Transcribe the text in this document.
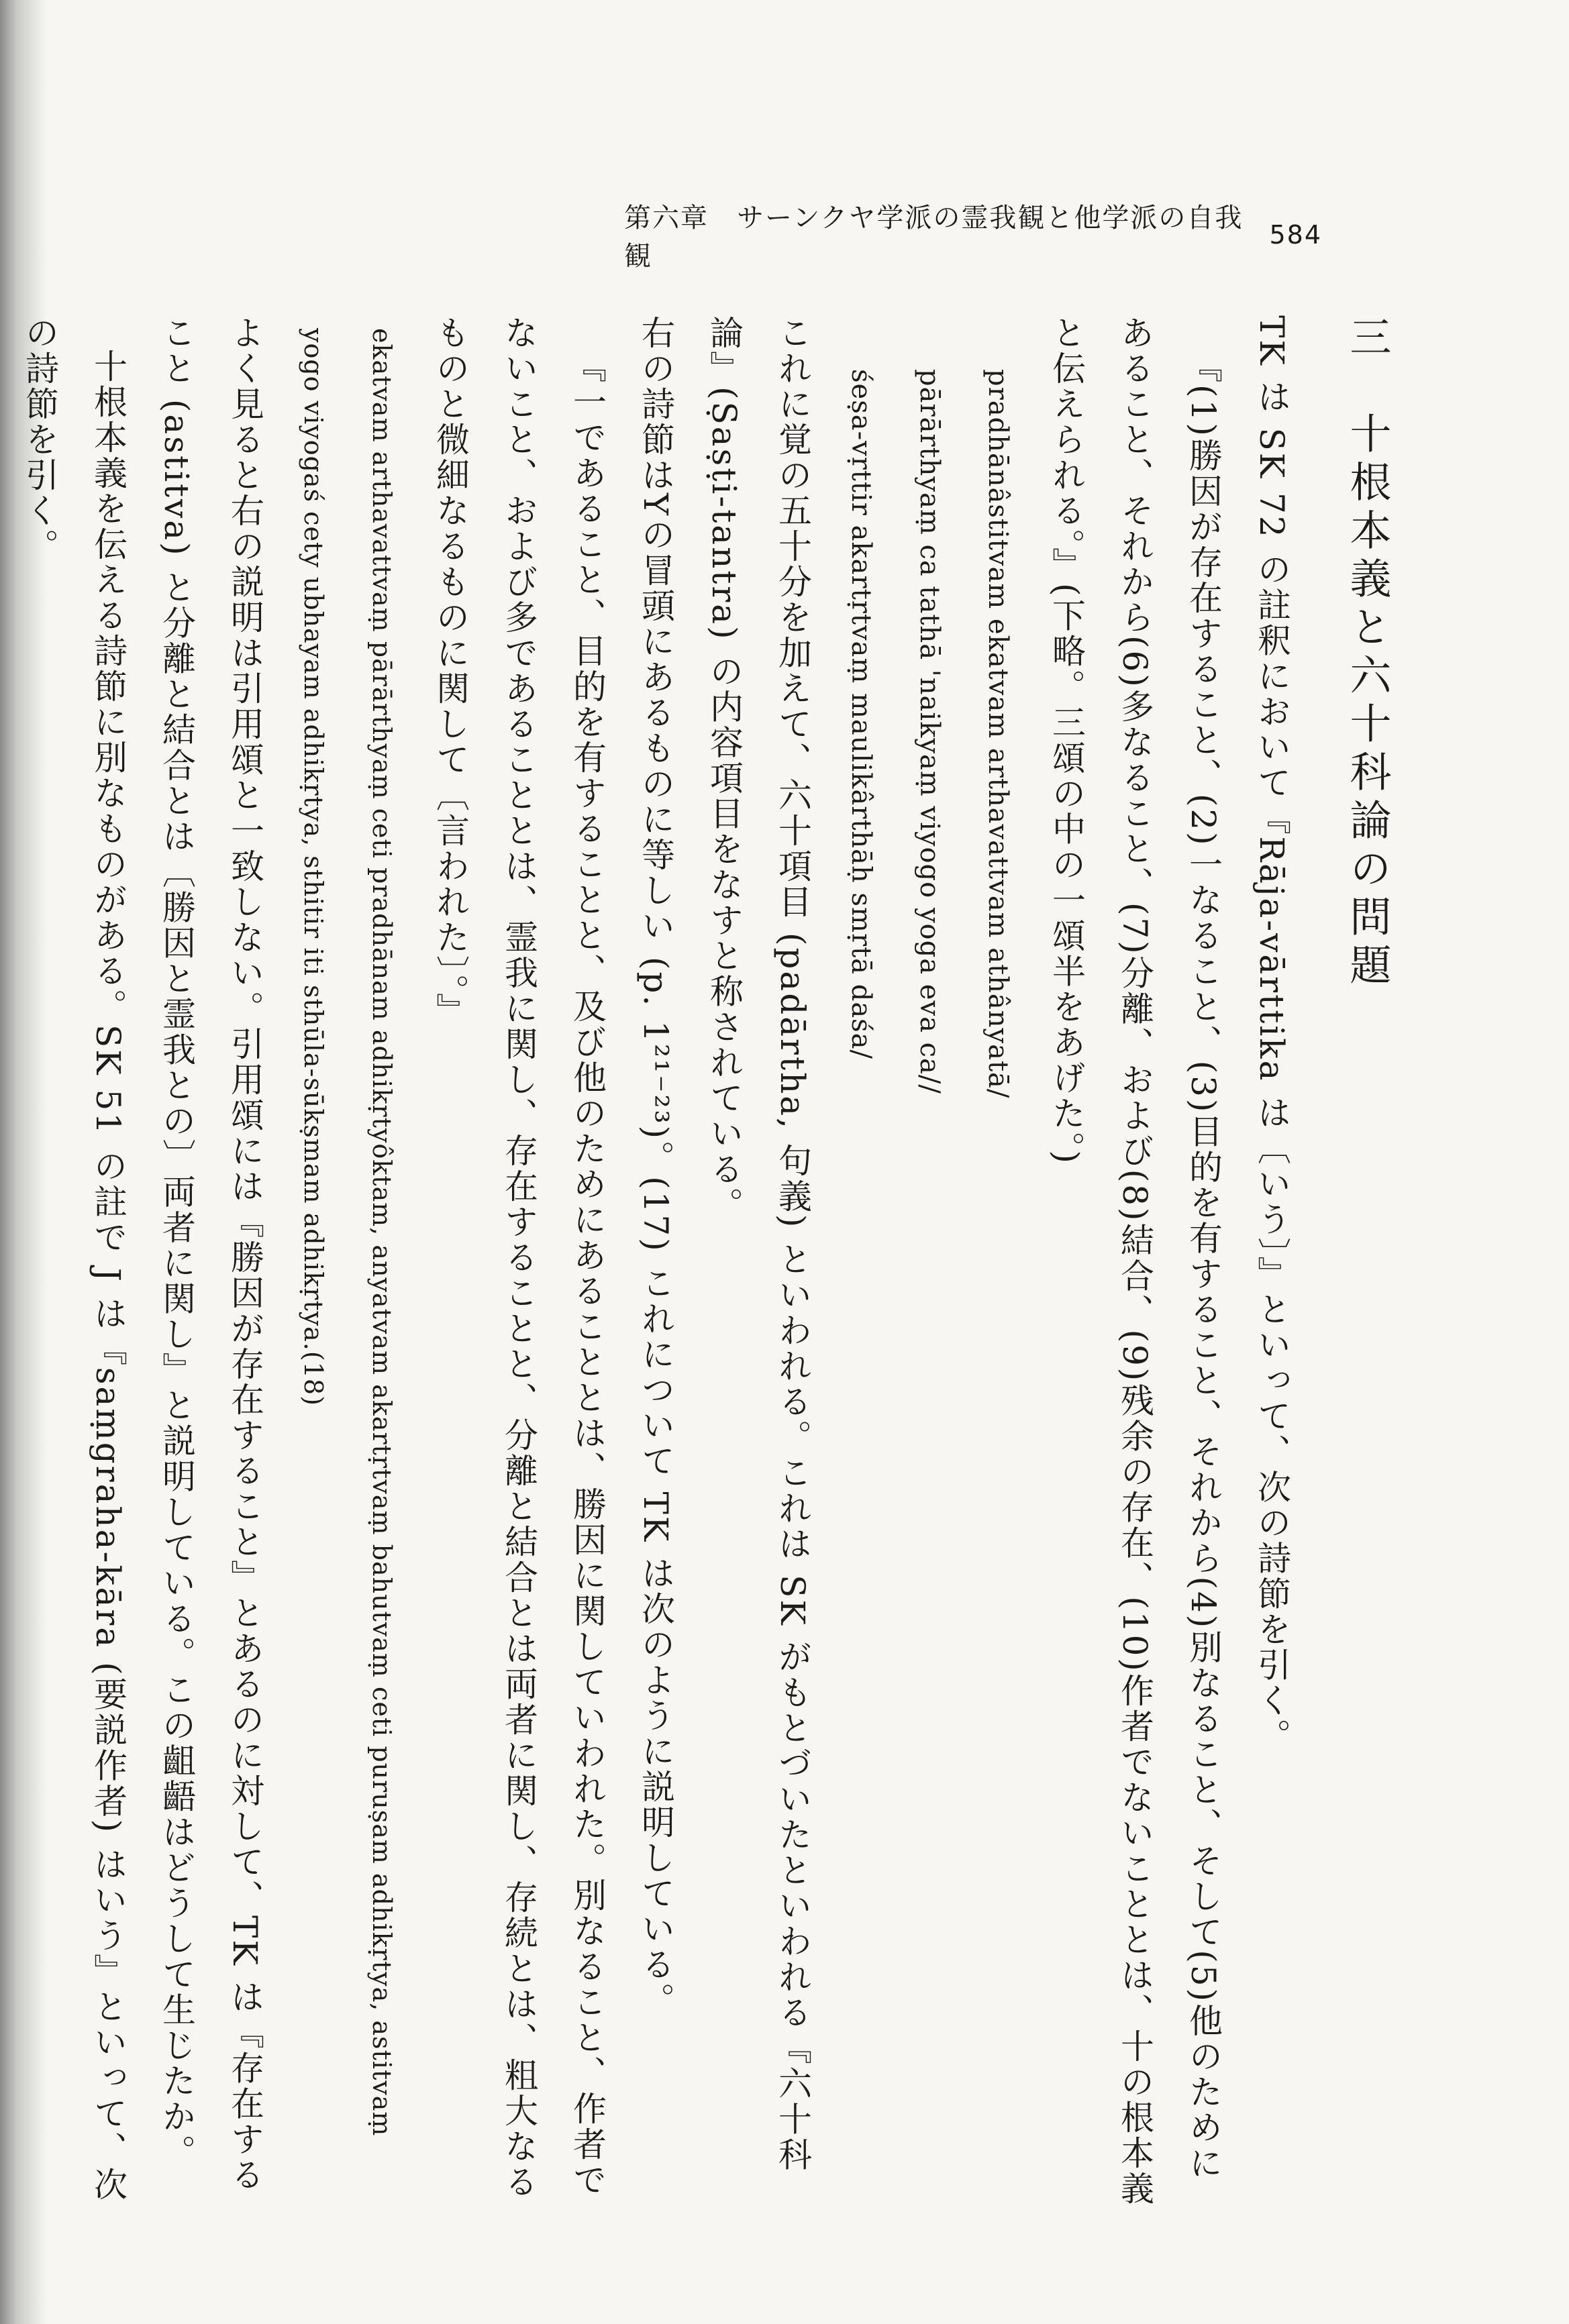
第六章　サーンクヤ学派の霊我観と他学派の自我観
584
三　十根本義と六十科論の問題

TK は SK 72 の註釈において『Rāja-vārttika は〔いう〕』といって、次の詩節を引く。

『(1)勝因が存在すること、(2)一なること、(3)目的を有すること、それから(4)別なること、そして(5)他のためにあること、それから(6)多なること、(7)分離、および(8)結合、(9)残余の存在、(10)作者でないこととは、十の根本義と伝えられる。』(下略。三頌の中の一頌半をあげた。)

pradhānâstitvam ekatvam arthavattvam athânyatā/

pārārthyaṃ ca tathā 'naikyaṃ viyogo yoga eva ca//

śeṣa-vṛttir akartṛtvaṃ maulikârthāḥ smṛtā daśa/

これに覚の五十分を加えて、六十項目 (padārtha, 句義) といわれる。これは SK がもとづいたといわれる『六十科論』(Ṣaṣṭi-tantra) の内容項目をなすと称されている。

右の詩節はYの冒頭にあるものに等しい (p. 1²¹⁻²³)。(17) これについて TK は次のように説明している。

『一であること、目的を有することと、及び他のためにあることとは、勝因に関していわれた。別なること、作者でないこと、および多であることとは、霊我に関し、存在することと、分離と結合とは両者に関し、存続とは、粗大なるものと微細なるものに関して〔言われた〕。』

ekatvam arthavattvaṃ pārārthyaṃ ceti pradhānam adhikṛtyôktam, anyatvam akartṛtvaṃ bahutvaṃ ceti puruṣam adhikṛtya, astitvaṃ yogo viyogaś cety ubhayam adhikṛtya, sthitir iti sthūla-sūkṣmam adhikṛtya.(18)

よく見ると右の説明は引用頌と一致しない。引用頌には『勝因が存在すること』とあるのに対して、TK は『存在すること (astitva) と分離と結合とは〔勝因と霊我との〕両者に関し』と説明している。この齟齬はどうして生じたか。

十根本義を伝える詩節に別なものがある。SK 51 の註で J は『saṃgraha-kāra (要説作者) はいう』といって、次の詩節を引く。
